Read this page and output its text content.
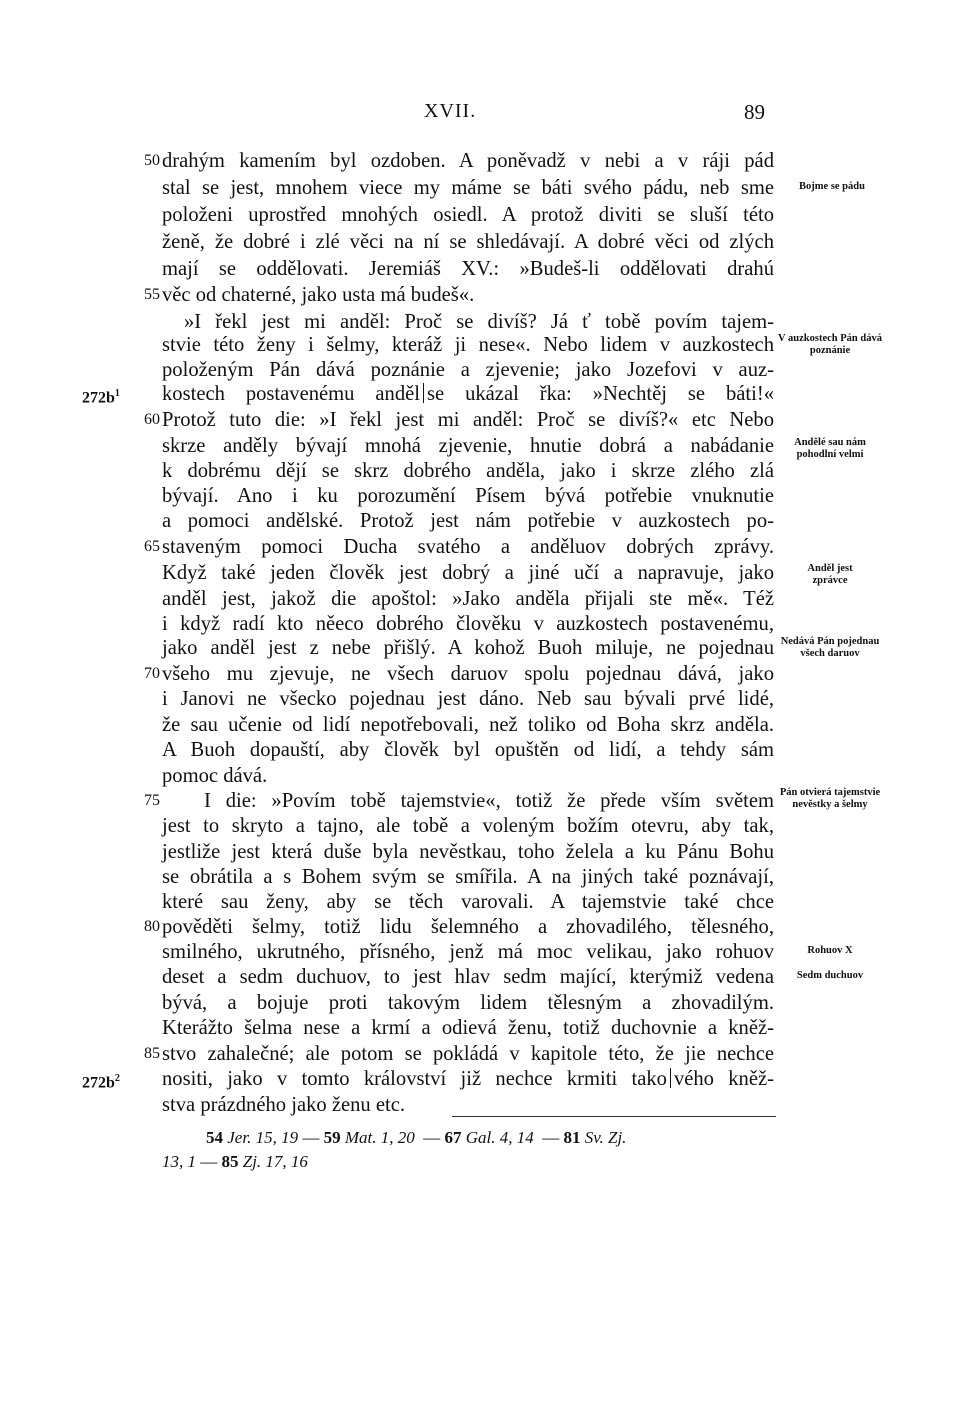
XVII.	89
drahým kamením byl ozdoben. A poněvadž v nebi a v ráji pád
stal se jest, mnohem viece my máme se báti svého pádu, neb sme
položeni uprostřed mnohých osiedl. A protož diviti se sluší této
ženě, že dobré i zlé věci na ní se shledávají. A dobré věci od zlých
mají se oddělovati. Jeremiáš XV.: »Budeš-li oddělovati drahú
věc od chaterné, jako usta má budeš«.
»I řekl jest mi anděl: Proč se divíš? Já ť tobě povím tajem-
stvie této ženy i šelmy, kteráž ji nese«. Nebo lidem v auzkostech
položeným Pán dává poznánie a zjevenie; jako Jozefovi v auz-
kostech postavenému anděl se ukázal řka: »Nechtěj se báti!«
Protož tuto die: »I řekl jest mi anděl: Proč se divíš?« etc Nebo
skrze anděly bývají mnohá zjevenie, hnutie dobrá a nabádanie
k dobrému dějí se skrz dobrého anděla, jako i skrze zlého zlá
bývají. Ano i ku porozumění Písem bývá potřebie vnuknutie
a pomoci andělské. Protož jest nám potřebie v auzkostech po-
staveným pomoci Ducha svatého a anděluov dobrých zprávy.
Když také jeden člověk jest dobrý a jiné učí a napravuje, jako
anděl jest, jakož die apoštol: »Jako anděla přijali ste mě«. Též
i když radí kto něeco dobrého člověku v auzkostech postavenému,
jako anděl jest z nebe přišlý. A kohož Buoh miluje, ne pojednau
všeho mu zjevuje, ne všech daruov spolu pojednau dává, jako
i Janovi ne všecko pojednau jest dáno. Neb sau bývali prvé lidé,
že sau učenie od lidí nepotřebovali, než toliko od Boha skrz anděla.
A Buoh dopauští, aby člověk byl opuštěn od lidí, a tehdy sám
pomoc dává.
I die: »Povím tobě tajemstvie«, totiž že přede vším světem
jest to skryto a tajno, ale tobě a voleným božím otevru, aby tak,
jestliže jest která duše byla nevěstkau, toho želela a ku Pánu Bohu
se obrátila a s Bohem svým se smířila. A na jiných také poznávají,
které sau ženy, aby se těch varovali. A tajemstvie také chce
pověděti šelmy, totiž lidu šelemného a zhovadilého, tělesného,
smilného, ukrutného, přísného, jenž má moc velikau, jako rohuov
deset a sedm duchuov, to jest hlav sedm mající, kterýmiž vedena
bývá, a bojuje proti takovým lidem tělesným a zhovadilým.
Kterážto šelma nese a krmí a odievá ženu, totiž duchovnie a kněž-
stvo zahalečné; ale potom se pokládá v kapitole této, že jie nechce
nositi, jako v tomto království již nechce krmiti tako vého kněž-
stva prázdného jako ženu etc.
50
55
60
65
70
75
80
85
$272b^1$
$272b^2$
Bojme se pádu
V auzkostech Pán dává poznánie
Andělé sau nám pohodlní velmi
Anděl jest zprávce
Nedává Pán pojednau všech daruov
Pán otvierá tajemstvie nevěstky a šelmy
Rohuov X
Sedm duchuov
54 Jer. 15, 19 — 59 Mat. 1, 20 — 67 Gal. 4, 14 — 81 Sv. Zj.
13, 1 — 85 Zj. 17, 16
